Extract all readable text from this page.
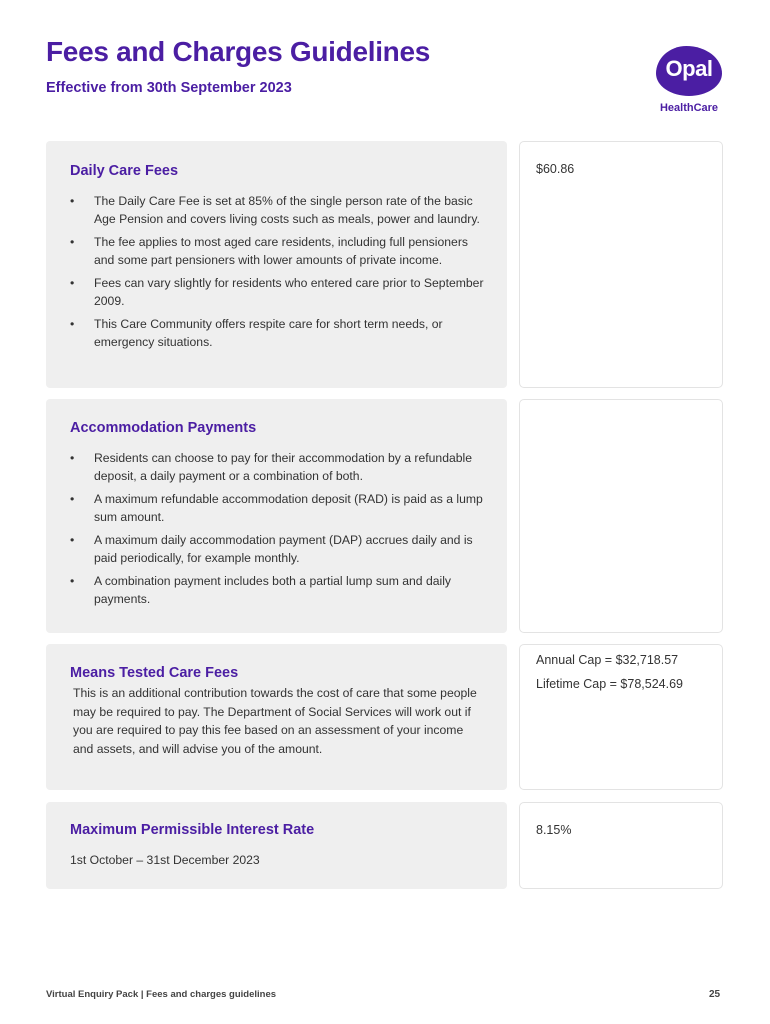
Fees and Charges Guidelines
Effective from 30th September 2023
Opal
HealthCare
Daily Care Fees
• The Daily Care Fee is set at 85% of the single person rate of the basic Age Pension and covers living costs such as meals, power and laundry.
• The fee applies to most aged care residents, including full pensioners and some part pensioners with lower amounts of private income.
• Fees can vary slightly for residents who entered care prior to September 2009.
• This Care Community offers respite care for short term needs, or emergency situations.
$60.86
Accommodation Payments
• Residents can choose to pay for their accommodation by a refundable deposit, a daily payment or a combination of both.
• A maximum refundable accommodation deposit (RAD) is paid as a lump sum amount.
• A maximum daily accommodation payment (DAP) accrues daily and is paid periodically, for example monthly.
• A combination payment includes both a partial lump sum and daily payments.
Means Tested Care Fees
This is an additional contribution towards the cost of care that some people may be required to pay. The Department of Social Services will work out if you are required to pay this fee based on an assessment of your income and assets, and will advise you of the amount.
Annual Cap = $32,718.57
Lifetime Cap = $78,524.69
Maximum Permissible Interest Rate
1st October – 31st December 2023
8.15%
Virtual Enquiry Pack | Fees and charges guidelines	25
